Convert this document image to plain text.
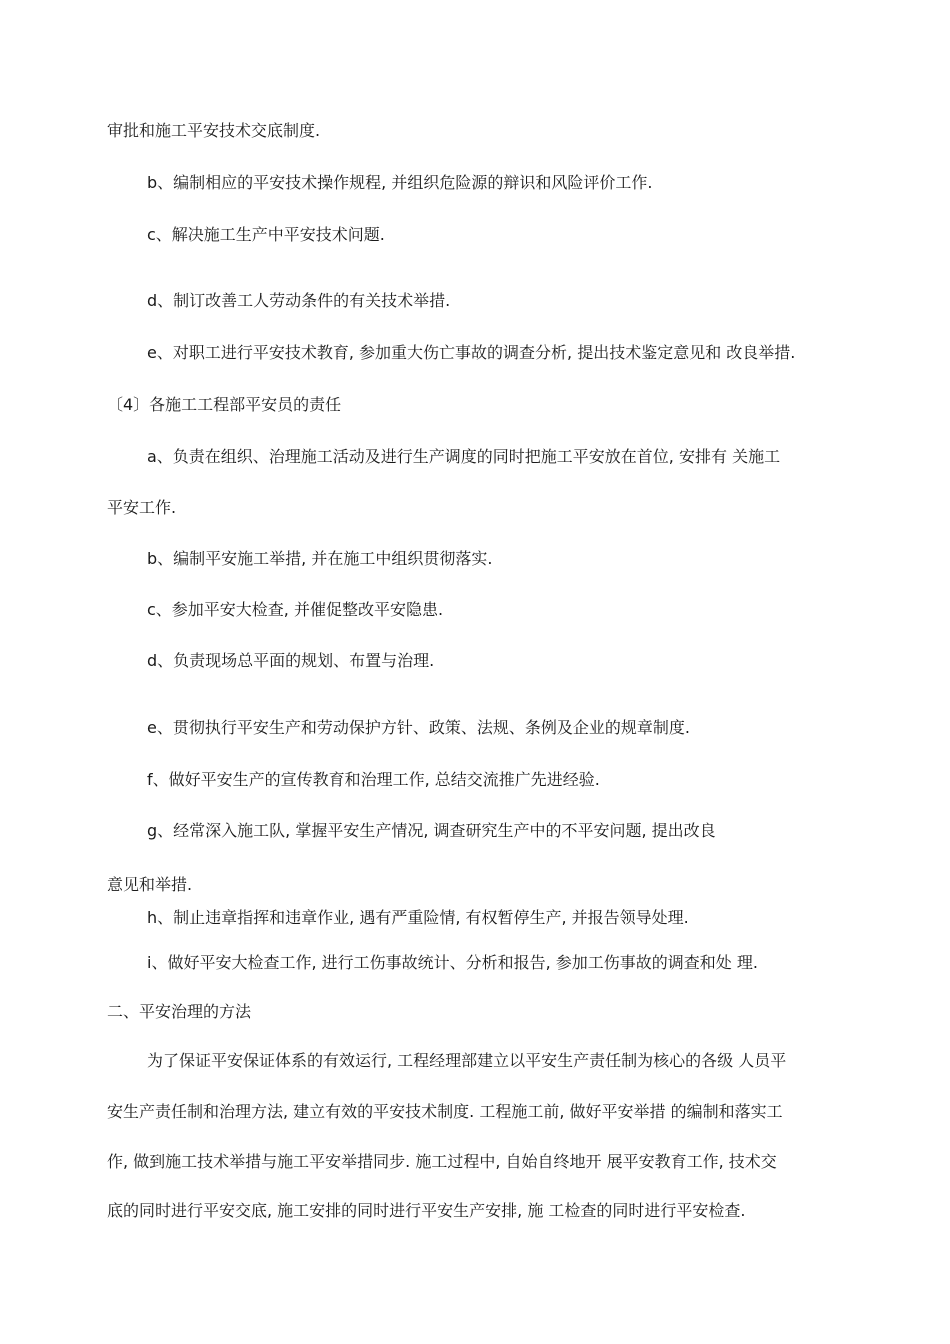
审批和施工平安技术交底制度.
b、编制相应的平安技术操作规程, 并组织危险源的辩识和风险评价工作.
c、解决施工生产中平安技术问题.
d、制订改善工人劳动条件的有关技术举措.
e、对职工进行平安技术教育, 参加重大伤亡事故的调查分析, 提出技术鉴定意见和 改良举措.
〔4〕各施工工程部平安员的责任
a、负责在组织、治理施工活动及进行生产调度的同时把施工平安放在首位, 安排有 关施工
平安工作.
b、编制平安施工举措, 并在施工中组织贯彻落实.
c、参加平安大检查, 并催促整改平安隐患.
d、负责现场总平面的规划、布置与治理.
e、贯彻执行平安生产和劳动保护方针、政策、法规、条例及企业的规章制度.
f、做好平安生产的宣传教育和治理工作, 总结交流推广先进经验.
g、经常深入施工队, 掌握平安生产情况, 调查研究生产中的不平安问题, 提出改良
意见和举措.
h、制止违章指挥和违章作业, 遇有严重险情, 有权暂停生产, 并报告领导处理.
i、做好平安大检查工作, 进行工伤事故统计、分析和报告, 参加工伤事故的调查和处 理.
二、平安治理的方法
为了保证平安保证体系的有效运行, 工程经理部建立以平安生产责任制为核心的各级 人员平
安生产责任制和治理方法, 建立有效的平安技术制度. 工程施工前, 做好平安举措 的编制和落实工
作, 做到施工技术举措与施工平安举措同步. 施工过程中, 自始自终地开 展平安教育工作, 技术交
底的同时进行平安交底, 施工安排的同时进行平安生产安排, 施 工检查的同时进行平安检查.
